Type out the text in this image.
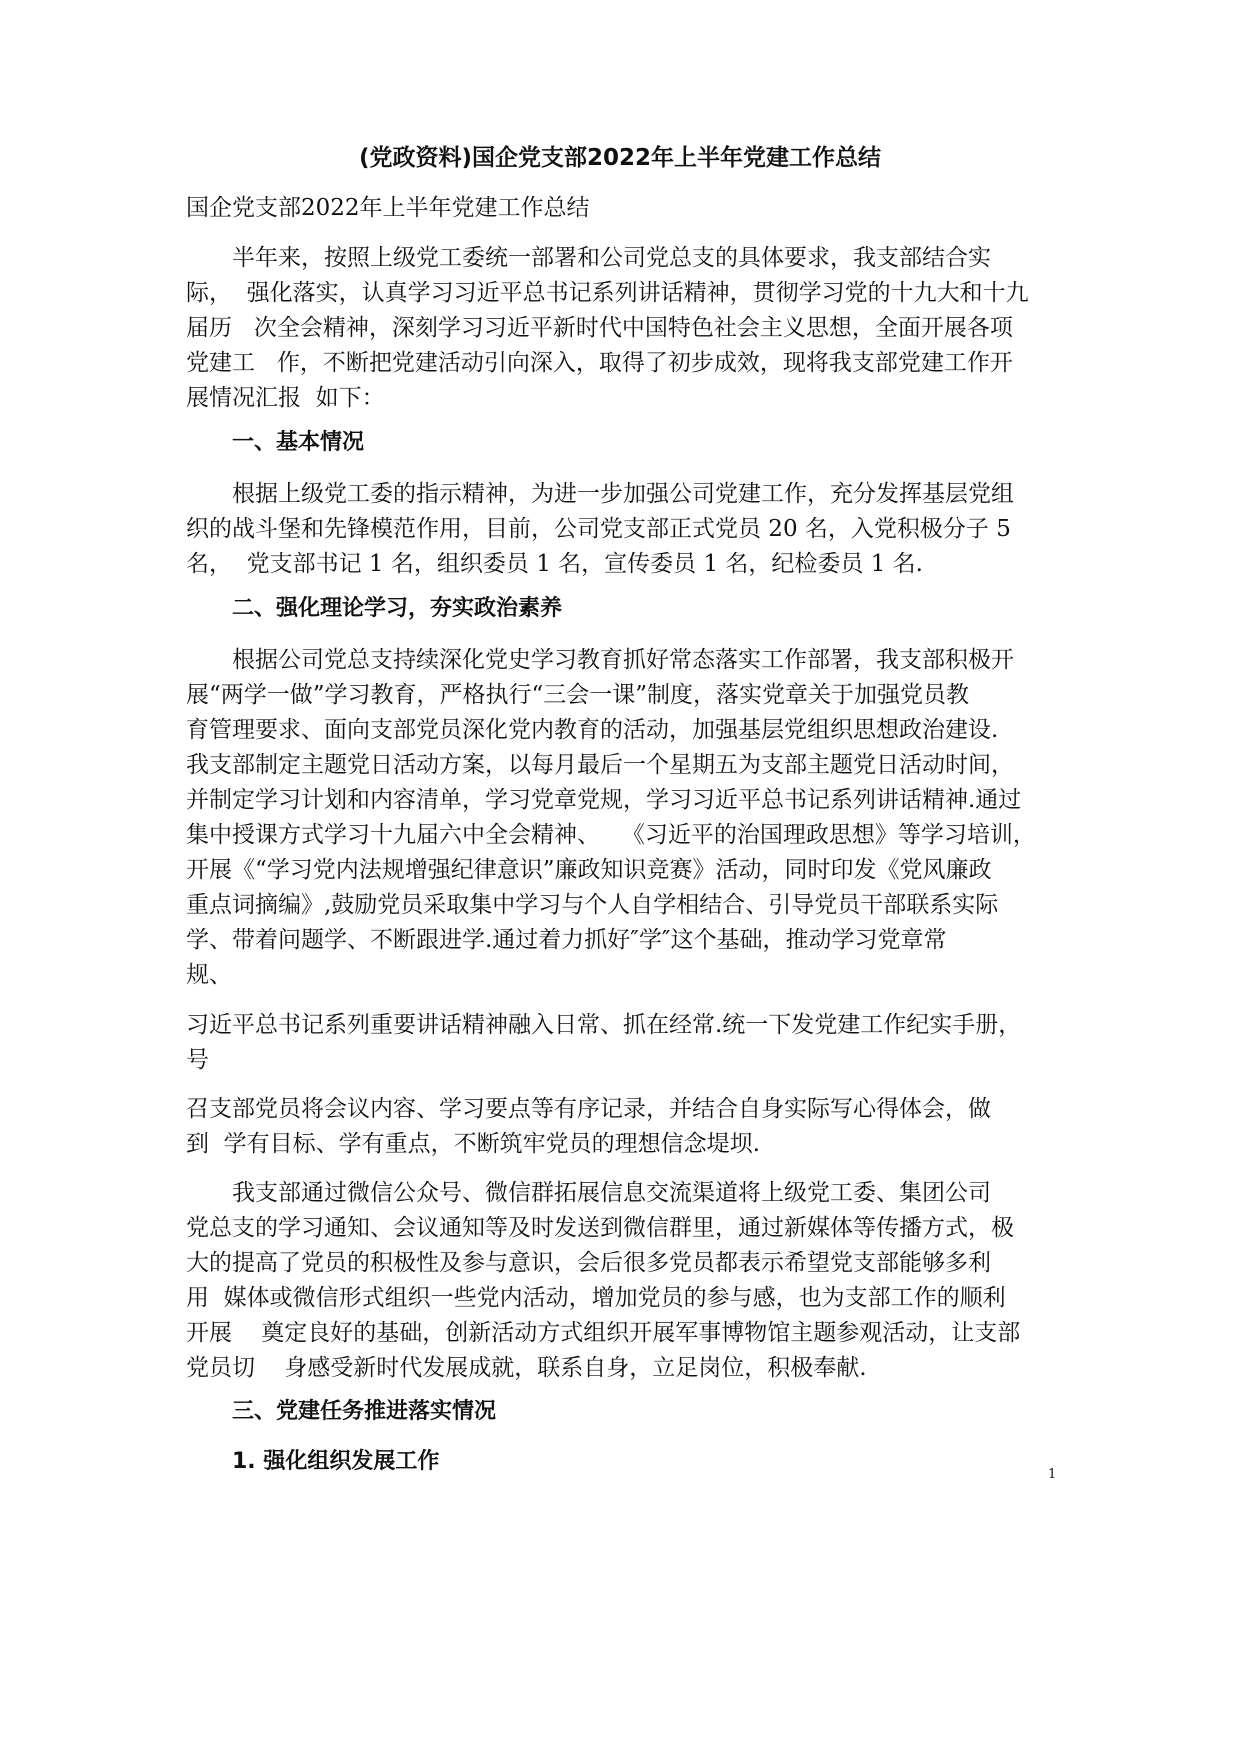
(党政资料)国企党支部2022年上半年党建工作总结
国企党支部2022年上半年党建工作总结
半年来，按照上级党工委统一部署和公司党总支的具体要求，我支部结合实
际，  强化落实，认真学习习近平总书记系列讲话精神，贯彻学习党的十九大和十九
届历   次全会精神，深刻学习习近平新时代中国特色社会主义思想，全面开展各项
党建工   作，不断把党建活动引向深入，取得了初步成效，现将我支部党建工作开
展情况汇报  如下：
一、基本情况
根据上级党工委的指示精神，为进一步加强公司党建工作，充分发挥基层党组
织的战斗堡和先锋模范作用，目前，公司党支部正式党员 20 名，入党积极分子 5
名，  党支部书记 1 名，组织委员 1 名，宣传委员 1 名，纪检委员 1 名.
二、强化理论学习，夯实政治素养
根据公司党总支持续深化党史学习教育抓好常态落实工作部署，我支部积极开
展“两学一做”学习教育，严格执行“三会一课”制度，落实党章关于加强党员教
育管理要求、面向支部党员深化党内教育的活动，加强基层党组织思想政治建设.
我支部制定主题党日活动方案，以每月最后一个星期五为支部主题党日活动时间，
并制定学习计划和内容清单，学习党章党规，学习习近平总书记系列讲话精神.通过
集中授课方式学习十九届六中全会精神、   《习近平的治国理政思想》等学习培训，
开展《“学习党内法规增强纪律意识”廉政知识竞赛》活动，同时印发《党风廉政
重点词摘编》,鼓励党员采取集中学习与个人自学相结合、引导党员干部联系实际
学、带着问题学、不断跟进学.通过着力抓好″学″这个基础，推动学习党章常
规、
习近平总书记系列重要讲话精神融入日常、抓在经常.统一下发党建工作纪实手册，
号
召支部党员将会议内容、学习要点等有序记录，并结合自身实际写心得体会，做
到  学有目标、学有重点，不断筑牢党员的理想信念堤坝.
我支部通过微信公众号、微信群拓展信息交流渠道将上级党工委、集团公司
党总支的学习通知、会议通知等及时发送到微信群里，通过新媒体等传播方式，极
大的提高了党员的积极性及参与意识，会后很多党员都表示希望党支部能够多利
用  媒体或微信形式组织一些党内活动，增加党员的参与感，也为支部工作的顺利
开展    奠定良好的基础，创新活动方式组织开展军事博物馆主题参观活动，让支部
党员切    身感受新时代发展成就，联系自身，立足岗位，积极奉献.
三、党建任务推进落实情况
1. 强化组织发展工作
1
